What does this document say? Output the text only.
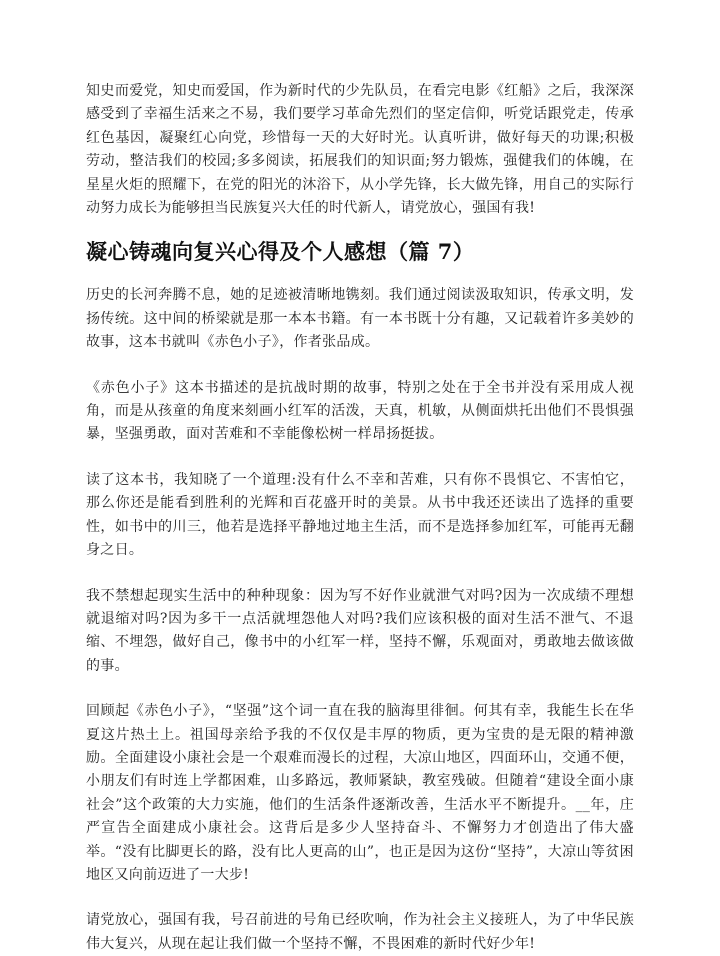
知史而爱党，知史而爱国，作为新时代的少先队员，在看完电影《红船》之后，我深深感受到了幸福生活来之不易，我们要学习革命先烈们的坚定信仰，听党话跟党走，传承红色基因，凝聚红心向党，珍惜每一天的大好时光。认真听讲，做好每天的功课;积极劳动，整洁我们的校园;多多阅读，拓展我们的知识面;努力锻炼，强健我们的体魄，在星星火炬的照耀下，在党的阳光的沐浴下，从小学先锋，长大做先锋，用自己的实际行动努力成长为能够担当民族复兴大任的时代新人，请党放心，强国有我!

凝心铸魂向复兴心得及个人感想（篇 7）

历史的长河奔腾不息，她的足迹被清晰地镌刻。我们通过阅读汲取知识，传承文明，发扬传统。这中间的桥梁就是那一本本书籍。有一本书既十分有趣，又记载着许多美妙的故事，这本书就叫《赤色小子》，作者张品成。

《赤色小子》这本书描述的是抗战时期的故事，特别之处在于全书并没有采用成人视角，而是从孩童的角度来刻画小红军的活泼，天真，机敏，从侧面烘托出他们不畏惧强暴，坚强勇敢，面对苦难和不幸能像松树一样昂扬挺拔。

读了这本书，我知晓了一个道理:没有什么不幸和苦难，只有你不畏惧它、不害怕它，那么你还是能看到胜利的光辉和百花盛开时的美景。从书中我还还读出了选择的重要性，如书中的川三，他若是选择平静地过地主生活，而不是选择参加红军，可能再无翻身之日。

我不禁想起现实生活中的种种现象：因为写不好作业就泄气对吗?因为一次成绩不理想就退缩对吗?因为多干一点活就埋怨他人对吗?我们应该积极的面对生活不泄气、不退缩、不埋怨，做好自己，像书中的小红军一样，坚持不懈，乐观面对，勇敢地去做该做的事。

回顾起《赤色小子》，“坚强”这个词一直在我的脑海里徘徊。何其有幸，我能生长在华夏这片热土上。祖国母亲给予我的不仅仅是丰厚的物质，更为宝贵的是无限的精神激励。全面建设小康社会是一个艰难而漫长的过程，大凉山地区，四面环山，交通不便，小朋友们有时连上学都困难，山多路远，教师紧缺，教室残破。但随着“建设全面小康社会”这个政策的大力实施，他们的生活条件逐渐改善，生活水平不断提升。__年，庄严宣告全面建成小康社会。这背后是多少人坚持奋斗、不懈努力才创造出了伟大盛举。“没有比脚更长的路，没有比人更高的山”，也正是因为这份“坚持”，大凉山等贫困地区又向前迈进了一大步!

请党放心，强国有我，号召前进的号角已经吹响，作为社会主义接班人，为了中华民族伟大复兴，从现在起让我们做一个坚持不懈，不畏困难的新时代好少年!
